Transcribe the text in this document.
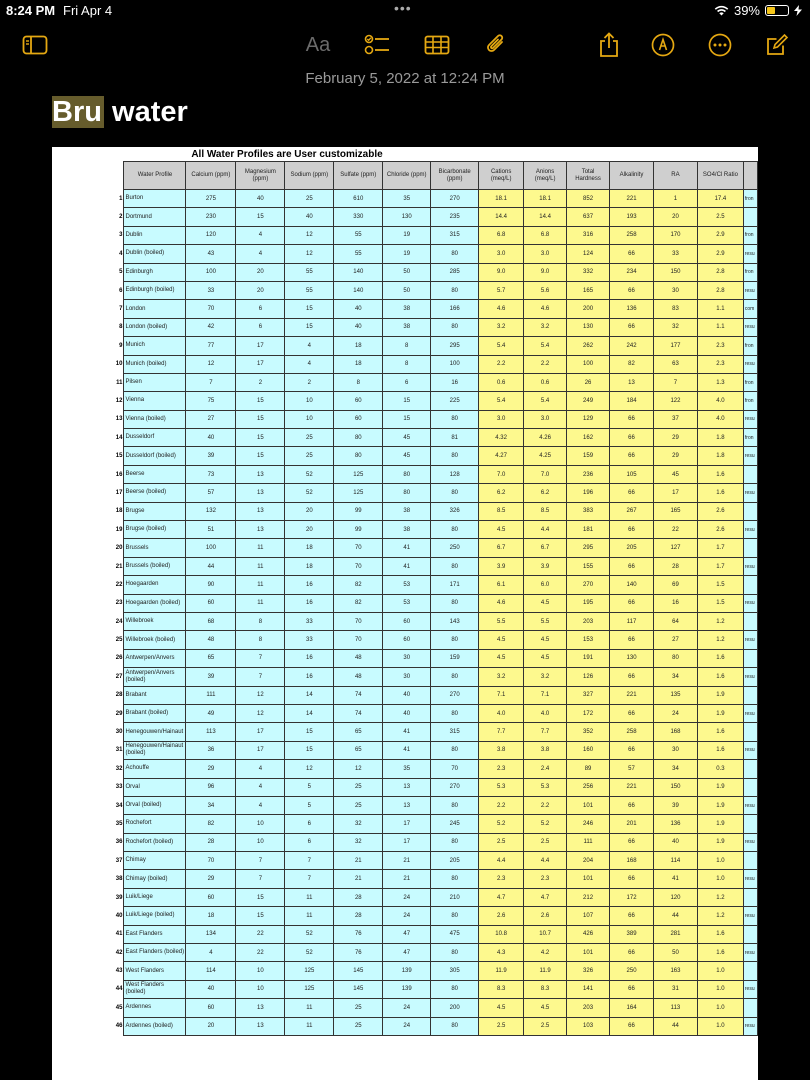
8:24 PM Fri Apr 4	•••	39%
Aa
February 5, 2022 at 12:24 PM
Bru water
All Water Profiles are User customizable
	Water Profile	Calcium (ppm)	Magnesium (ppm)	Sodium (ppm)	Sulfate (ppm)	Chloride (ppm)	Bicarbonate (ppm)	Cations (meq/L)	Anions (meq/L)	Total Hardness	Alkalinity	RA	SO4/Cl Ratio	
1	Burton	275	40	25	610	35	270	18.1	18.1	852	221	1	17.4	fron
2	Dortmund	230	15	40	330	130	235	14.4	14.4	637	193	20	2.5	
3	Dublin	120	4	12	55	19	315	6.8	6.8	316	258	170	2.9	fron
4	Dublin (boiled)	43	4	12	55	19	80	3.0	3.0	124	66	33	2.9	resu
5	Edinburgh	100	20	55	140	50	285	9.0	9.0	332	234	150	2.8	fron
6	Edinburgh (boiled)	33	20	55	140	50	80	5.7	5.6	165	66	30	2.8	resu
7	London	70	6	15	40	38	166	4.6	4.6	200	136	83	1.1	com
8	London (boiled)	42	6	15	40	38	80	3.2	3.2	130	66	32	1.1	resu
9	Munich	77	17	4	18	8	295	5.4	5.4	262	242	177	2.3	fron
10	Munich (boiled)	12	17	4	18	8	100	2.2	2.2	100	82	63	2.3	resu
11	Pilsen	7	2	2	8	6	16	0.6	0.6	26	13	7	1.3	fron
12	Vienna	75	15	10	60	15	225	5.4	5.4	249	184	122	4.0	fron
13	Vienna (boiled)	27	15	10	60	15	80	3.0	3.0	129	66	37	4.0	resu
14	Dusseldorf	40	15	25	80	45	81	4.32	4.26	162	66	29	1.8	fron
15	Dusseldorf (boiled)	39	15	25	80	45	80	4.27	4.25	159	66	29	1.8	resu
16	Beerse	73	13	52	125	80	128	7.0	7.0	236	105	45	1.6	
17	Beerse (boiled)	57	13	52	125	80	80	6.2	6.2	196	66	17	1.6	resu
18	Brugse	132	13	20	99	38	326	8.5	8.5	383	267	165	2.6	
19	Brugse (boiled)	51	13	20	99	38	80	4.5	4.4	181	66	22	2.6	resu
20	Brussels	100	11	18	70	41	250	6.7	6.7	295	205	127	1.7	
21	Brussels (boiled)	44	11	18	70	41	80	3.9	3.9	155	66	28	1.7	resu
22	Hoegaarden	90	11	16	82	53	171	6.1	6.0	270	140	69	1.5	
23	Hoegaarden (boiled)	60	11	16	82	53	80	4.6	4.5	195	66	16	1.5	resu
24	Willebroek	68	8	33	70	60	143	5.5	5.5	203	117	64	1.2	
25	Willebroek (boiled)	48	8	33	70	60	80	4.5	4.5	153	66	27	1.2	resu
26	Antwerpen/Anvers	65	7	16	48	30	159	4.5	4.5	191	130	80	1.6	
27	Antwerpen/Anvers (boiled)	39	7	16	48	30	80	3.2	3.2	126	66	34	1.6	resu
28	Brabant	111	12	14	74	40	270	7.1	7.1	327	221	135	1.9	
29	Brabant (boiled)	49	12	14	74	40	80	4.0	4.0	172	66	24	1.9	resu
30	Henegouwen/Hainaut	113	17	15	65	41	315	7.7	7.7	352	258	168	1.6	
31	Henegouwen/Hainaut (boiled)	36	17	15	65	41	80	3.8	3.8	160	66	30	1.6	resu
32	Achouffe	29	4	12	12	35	70	2.3	2.4	89	57	34	0.3	
33	Orval	96	4	5	25	13	270	5.3	5.3	256	221	150	1.9	
34	Orval (boiled)	34	4	5	25	13	80	2.2	2.2	101	66	39	1.9	resu
35	Rochefort	82	10	6	32	17	245	5.2	5.2	246	201	136	1.9	
36	Rochefort (boiled)	28	10	6	32	17	80	2.5	2.5	111	66	40	1.9	resu
37	Chimay	70	7	7	21	21	205	4.4	4.4	204	168	114	1.0	
38	Chimay (boiled)	29	7	7	21	21	80	2.3	2.3	101	66	41	1.0	resu
39	Luik/Liege	60	15	11	28	24	210	4.7	4.7	212	172	120	1.2	
40	Luik/Liege (boiled)	18	15	11	28	24	80	2.6	2.6	107	66	44	1.2	resu
41	East Flanders	134	22	52	76	47	475	10.8	10.7	426	389	281	1.6	
42	East Flanders (boiled)	4	22	52	76	47	80	4.3	4.2	101	66	50	1.6	resu
43	West Flanders	114	10	125	145	139	305	11.9	11.9	326	250	163	1.0	
44	West Flanders (boiled)	40	10	125	145	139	80	8.3	8.3	141	66	31	1.0	resu
45	Ardennes	60	13	11	25	24	200	4.5	4.5	203	164	113	1.0	
46	Ardennes (boiled)	20	13	11	25	24	80	2.5	2.5	103	66	44	1.0	resu
